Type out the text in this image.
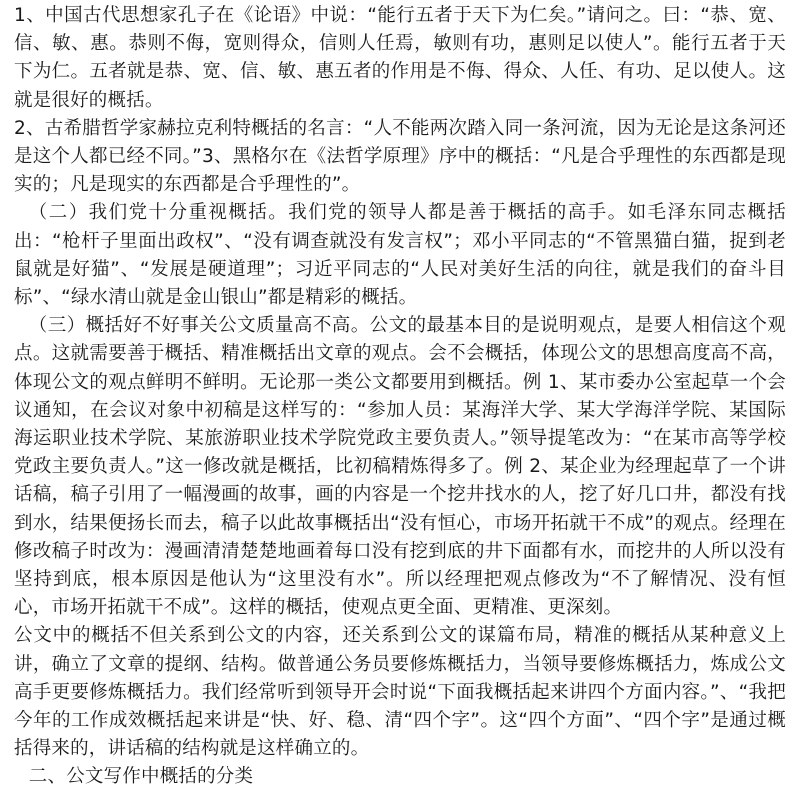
1、中国古代思想家孔子在《论语》中说：“能行五者于天下为仁矣。”请问之。曰：“恭、宽、信、敏、惠。恭则不侮，宽则得众，信则人任焉，敏则有功，惠则足以使人”。能行五者于天下为仁。五者就是恭、宽、信、敏、惠五者的作用是不侮、得众、人任、有功、足以使人。这就是很好的概括。

2、古希腊哲学家赫拉克利特概括的名言：“人不能两次踏入同一条河流，因为无论是这条河还是这个人都已经不同。”3、黑格尔在《法哲学原理》序中的概括：“凡是合乎理性的东西都是现实的；凡是现实的东西都是合乎理性的”。

（二）我们党十分重视概括。我们党的领导人都是善于概括的高手。如毛泽东同志概括出：“枪杆子里面出政权”、“没有调查就没有发言权”；邓小平同志的“不管黑猫白猫，捉到老鼠就是好猫”、“发展是硬道理”；习近平同志的“人民对美好生活的向往，就是我们的奋斗目标”、“绿水清山就是金山银山”都是精彩的概括。

（三）概括好不好事关公文质量高不高。公文的最基本目的是说明观点，是要人相信这个观点。这就需要善于概括、精准概括出文章的观点。会不会概括，体现公文的思想高度高不高，体现公文的观点鲜明不鲜明。无论那一类公文都要用到概括。例 1、某市委办公室起草一个会议通知，在会议对象中初稿是这样写的：“参加人员：某海洋大学、某大学海洋学院、某国际海运职业技术学院、某旅游职业技术学院党政主要负责人。”领导提笔改为：“在某市高等学校党政主要负责人。”这一修改就是概括，比初稿精炼得多了。例 2、某企业为经理起草了一个讲话稿，稿子引用了一幅漫画的故事，画的内容是一个挖井找水的人，挖了好几口井，都没有找到水，结果便扬长而去，稿子以此故事概括出“没有恒心，市场开拓就干不成”的观点。经理在修改稿子时改为：漫画清清楚楚地画着每口没有挖到底的井下面都有水，而挖井的人所以没有坚持到底，根本原因是他认为“这里没有水”。所以经理把观点修改为“不了解情况、没有恒心，市场开拓就干不成”。这样的概括，使观点更全面、更精准、更深刻。

公文中的概括不但关系到公文的内容，还关系到公文的谋篇布局，精准的概括从某种意义上讲，确立了文章的提纲、结构。做普通公务员要修炼概括力，当领导要修炼概括力，炼成公文高手更要修炼概括力。我们经常听到领导开会时说“下面我概括起来讲四个方面内容。”、“我把今年的工作成效概括起来讲是“快、好、稳、清“四个字”。这“四个方面”、“四个字”是通过概括得来的，讲话稿的结构就是这样确立的。

二、公文写作中概括的分类
